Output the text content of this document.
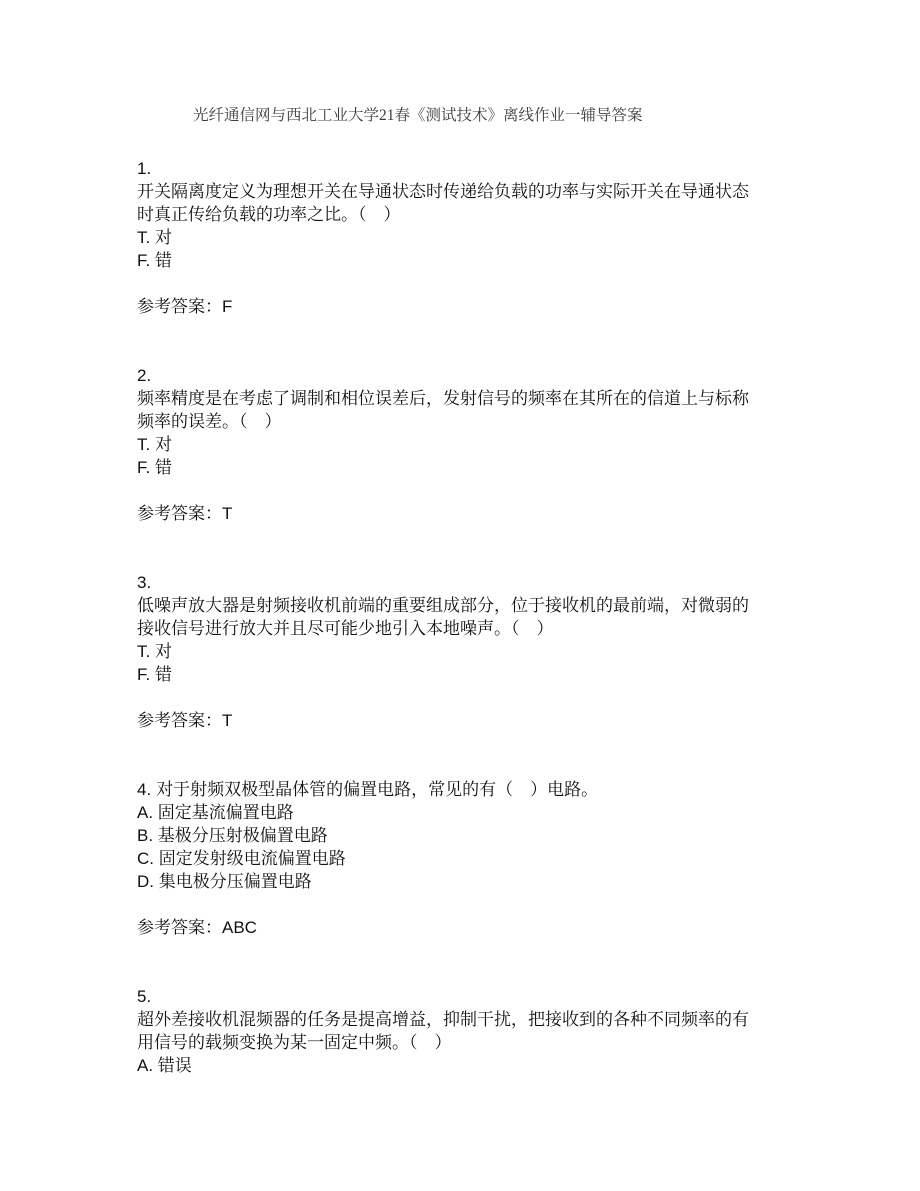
光纤通信网与西北工业大学21春《测试技术》离线作业一辅导答案
1.
开关隔离度定义为理想开关在导通状态时传递给负载的功率与实际开关在导通状态
时真正传给负载的功率之比。（　）
T. 对
F. 错
参考答案：F
2.
频率精度是在考虑了调制和相位误差后，发射信号的频率在其所在的信道上与标称
频率的误差。（　）
T. 对
F. 错
参考答案：T
3.
低噪声放大器是射频接收机前端的重要组成部分，位于接收机的最前端，对微弱的
接收信号进行放大并且尽可能少地引入本地噪声。（　）
T. 对
F. 错
参考答案：T
4. 对于射频双极型晶体管的偏置电路，常见的有（　）电路。
A. 固定基流偏置电路
B. 基极分压射极偏置电路
C. 固定发射级电流偏置电路
D. 集电极分压偏置电路
参考答案：ABC
5.
超外差接收机混频器的任务是提高增益，抑制干扰，把接收到的各种不同频率的有
用信号的载频变换为某一固定中频。（　）
A. 错误
